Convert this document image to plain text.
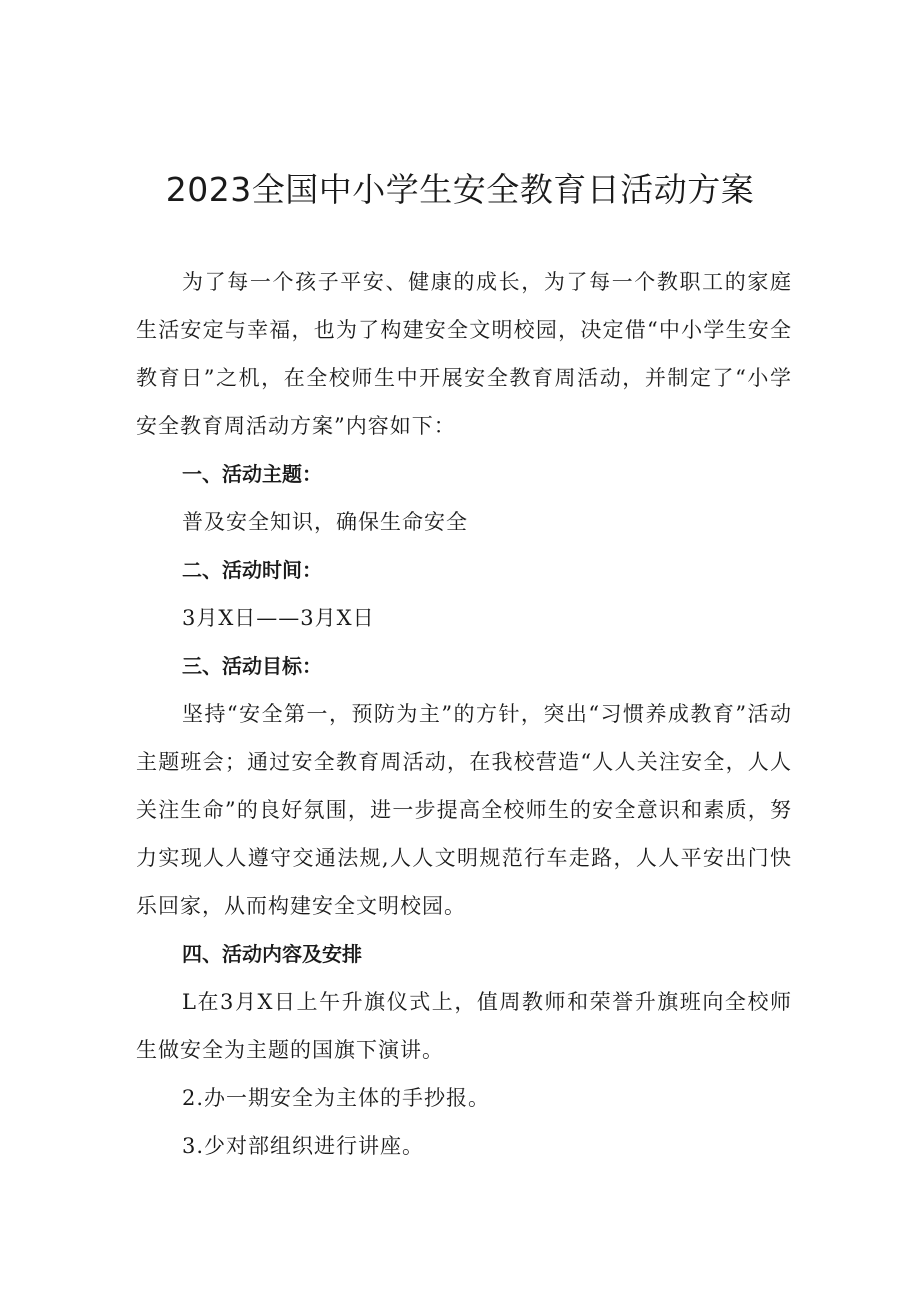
2023全国中小学生安全教育日活动方案

为了每一个孩子平安、健康的成长，为了每一个教职工的家庭生活安定与幸福，也为了构建安全文明校园，决定借“中小学生安全教育日”之机，在全校师生中开展安全教育周活动，并制定了“小学安全教育周活动方案”内容如下：

一、活动主题：

普及安全知识，确保生命安全

二、活动时间：

3月X日——3月X日

三、活动目标：

坚持“安全第一，预防为主”的方针，突出“习惯养成教育”活动主题班会；通过安全教育周活动，在我校营造“人人关注安全，人人关注生命”的良好氛围，进一步提高全校师生的安全意识和素质，努力实现人人遵守交通法规,人人文明规范行车走路，人人平安出门快乐回家，从而构建安全文明校园。

四、活动内容及安排

L在3月X日上午升旗仪式上，值周教师和荣誉升旗班向全校师生做安全为主题的国旗下演讲。

2.办一期安全为主体的手抄报。

3.少对部组织进行讲座。
